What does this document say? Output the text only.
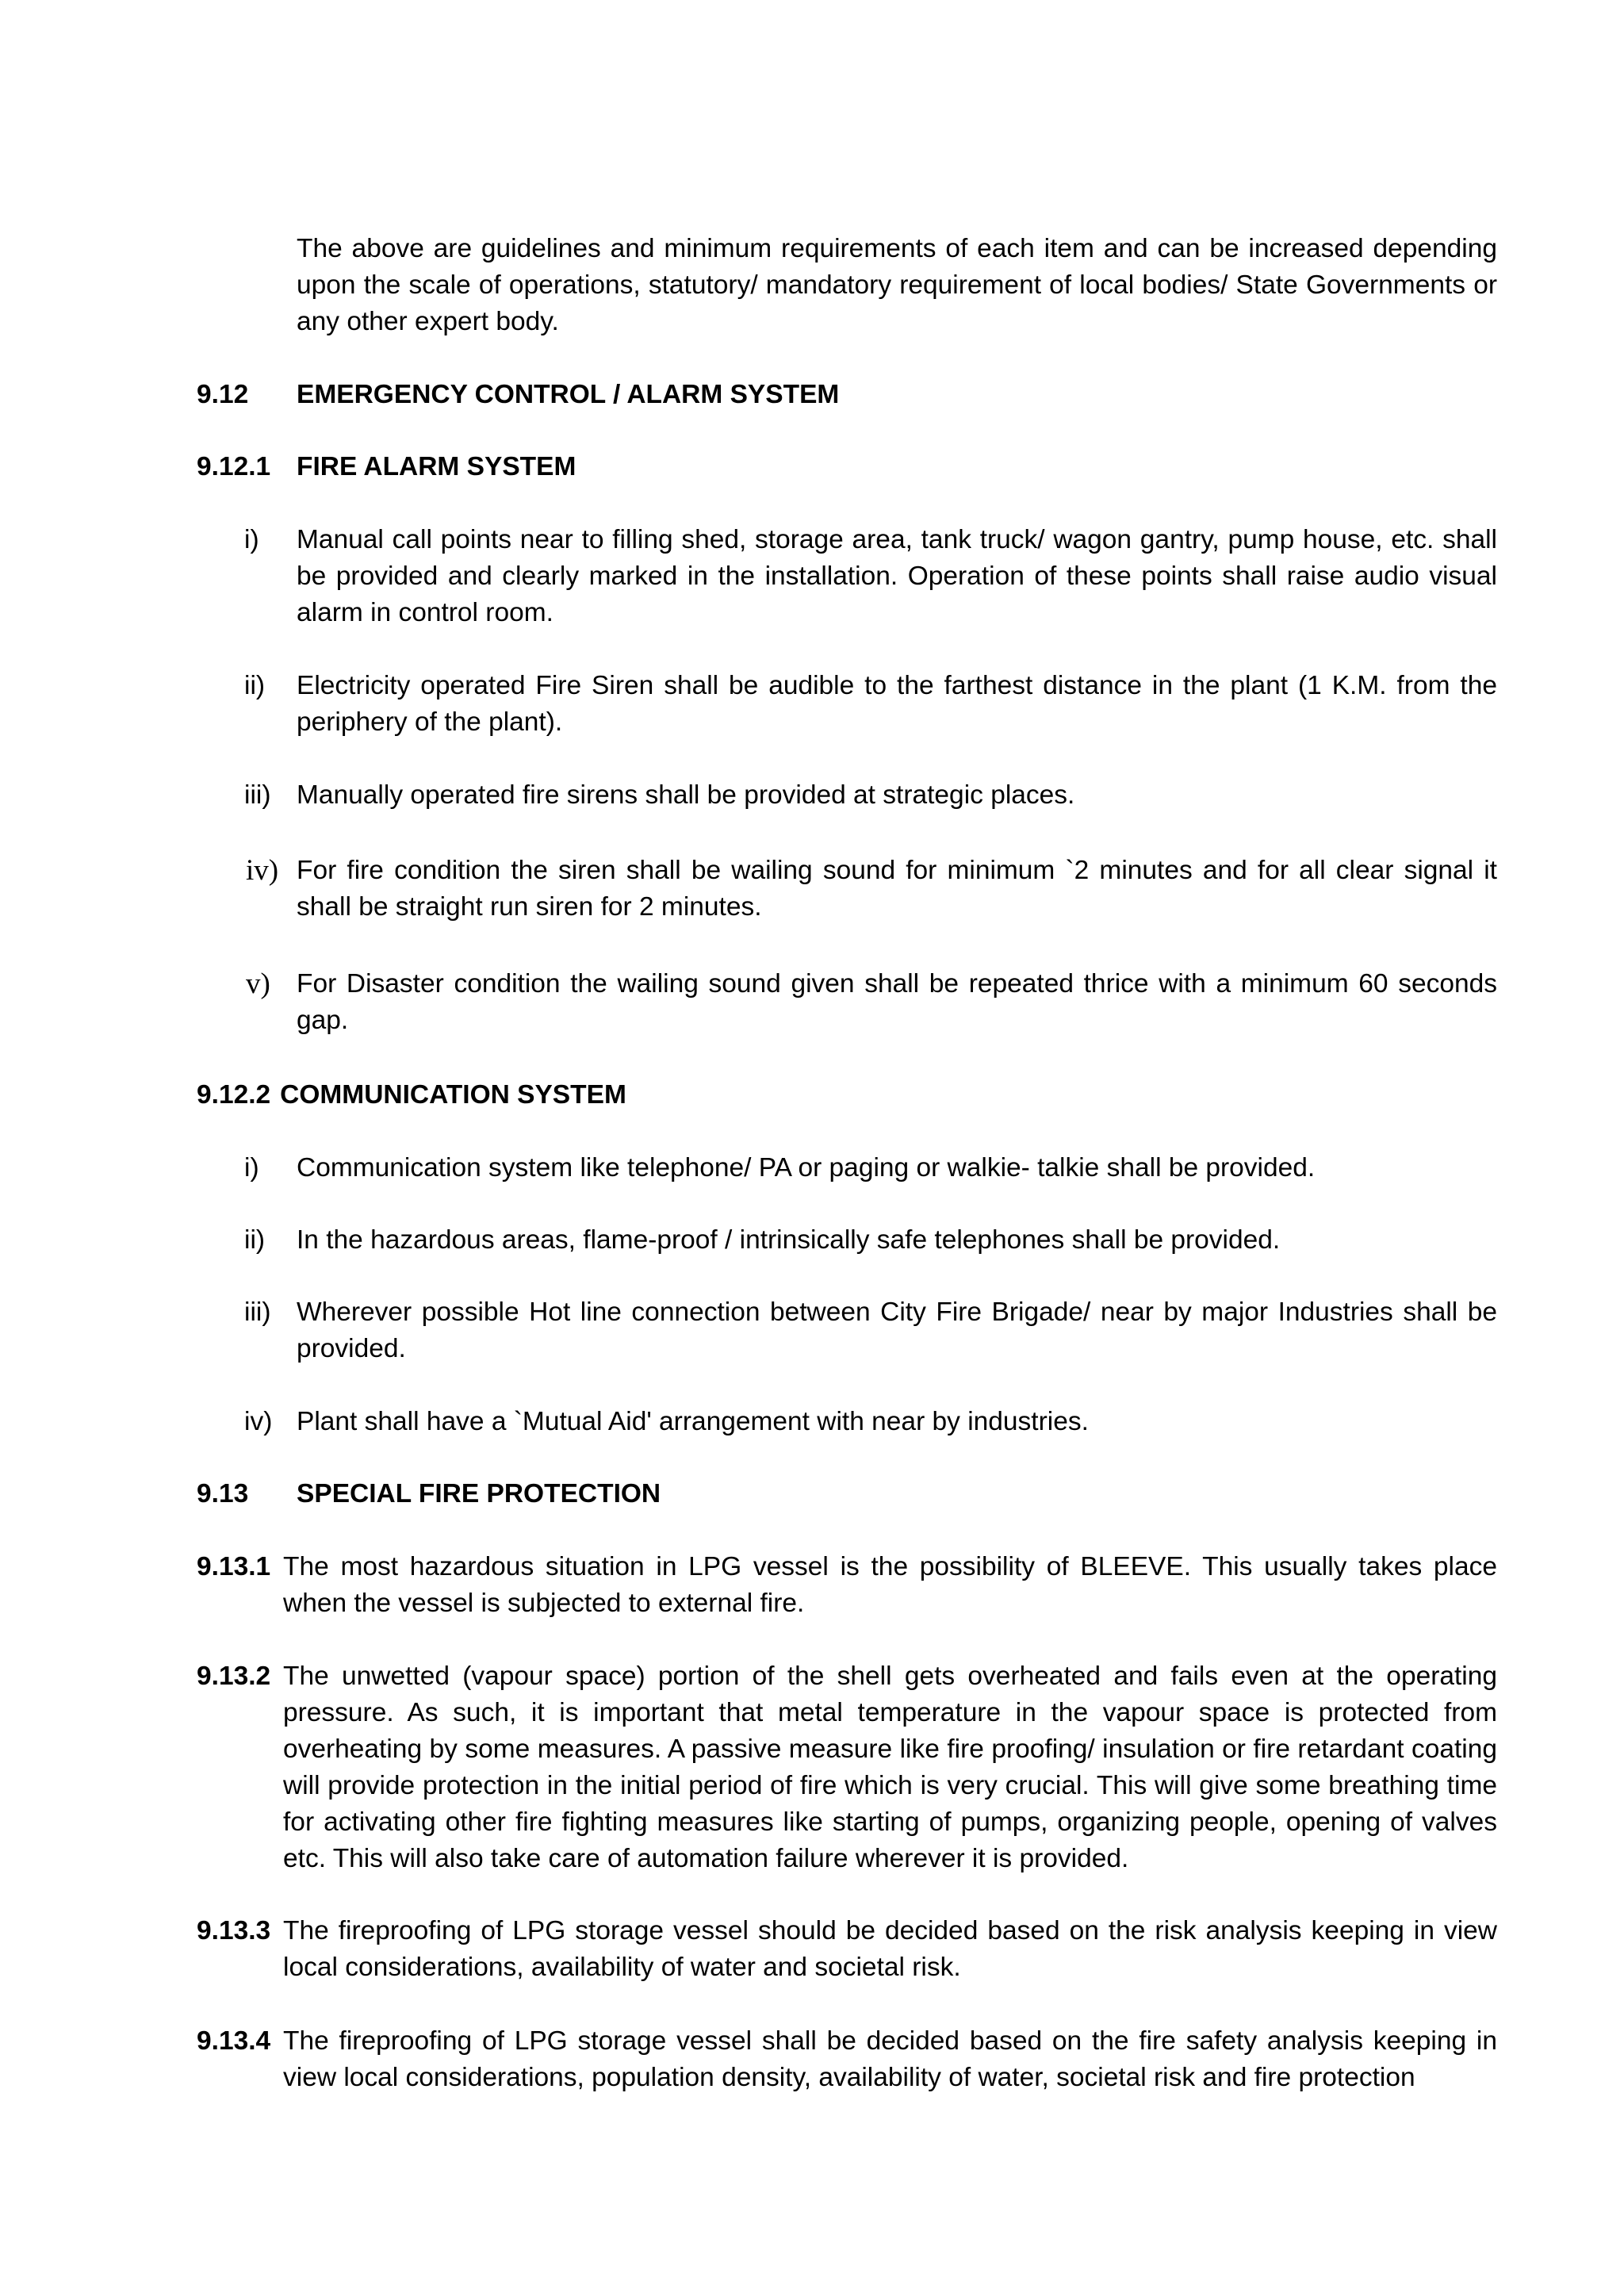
The above are guidelines and minimum requirements of each item and can be increased depending upon the scale of operations, statutory/ mandatory requirement of local bodies/ State Governments or any other expert body.
9.12 EMERGENCY CONTROL / ALARM SYSTEM
9.12.1 FIRE ALARM SYSTEM
i)	Manual call points near to filling shed, storage area, tank truck/ wagon gantry, pump house, etc. shall be provided and clearly marked in the installation. Operation of these points shall raise audio visual alarm in control room.
ii)	Electricity operated Fire Siren shall be audible to the farthest distance in the plant (1 K.M. from the periphery of the plant).
iii) Manually operated fire sirens shall be provided at strategic places.
iv) For fire condition the siren shall be wailing sound for minimum `2 minutes and for all clear signal it shall be straight run siren for 2 minutes.
v) For Disaster condition the wailing sound given shall be repeated thrice with a minimum 60 seconds gap.
9.12.2 COMMUNICATION SYSTEM
i)	Communication system like telephone/ PA or paging or walkie- talkie shall be provided.
ii)	In the hazardous areas, flame-proof / intrinsically safe telephones shall be provided.
iii) Wherever possible Hot line connection between City Fire Brigade/ near by major Industries shall be provided.
iv) Plant shall have a `Mutual Aid' arrangement with near by industries.
9.13 SPECIAL FIRE PROTECTION
9.13.1 The most hazardous situation in LPG vessel is the possibility of BLEEVE. This usually takes place when the vessel is subjected to external fire.
9.13.2 The unwetted (vapour space) portion of the shell gets overheated and fails even at the operating pressure. As such, it is important that metal temperature in the vapour space is protected from overheating by some measures. A passive measure like fire proofing/ insulation or fire retardant coating will provide protection in the initial period of fire which is very crucial. This will give some breathing time for activating other fire fighting measures like starting of pumps, organizing people, opening of valves etc. This will also take care of automation failure wherever it is provided.
9.13.3 The fireproofing of LPG storage vessel should be decided based on the risk analysis keeping in view local considerations, availability of water and societal risk.
9.13.4 The fireproofing of LPG storage vessel shall be decided based on the fire safety analysis keeping in view local considerations, population density, availability of water, societal risk and fire protection
